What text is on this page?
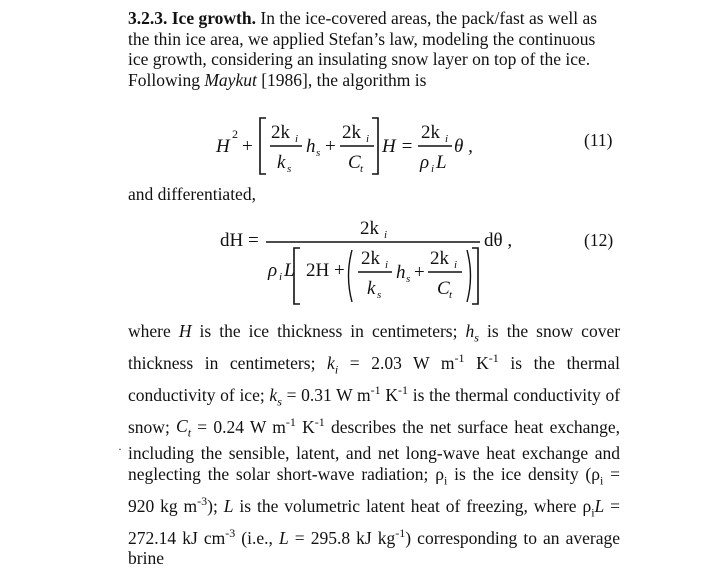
3.2.3. Ice growth. In the ice-covered areas, the pack/fast as well as the thin ice area, we applied Stefan’s law, modeling the continuous ice growth, considering an insulating snow layer on top of the ice. Following Maykut [1986], the algorithm is
H
2
+
2k i
k s
h s +
2k i
C t
H =
2k i
ρ i L
θ ,	(11)
and differentiated,
dH =
2k i
ρ i L 2H +
2k i
k s
h s +
2k i
C t
dθ ,	(12)
·
where H is the ice thickness in centimeters; $h_s$ is the snow cover thickness in centimeters; $k_i = 2.03$ W $m^{-1}$ $K^{-1}$ is the thermal conductivity of ice; $k_s = 0.31$ W $m^{-1}$ $K^{-1}$ is the thermal conductivity of snow; $C_t = 0.24$ W $m^{-1}$ $K^{-1}$ describes the net surface heat exchange, including the sensible, latent, and net long-wave heat exchange and neglecting the solar short-wave radiation; $\rho_i$ is the ice density ($\rho_i = 920$ kg $m^{-3}$); L is the volumetric latent heat of freezing, where $\rho_iL = 272.14$ kJ $cm^{-3}$ (i.e., L = 295.8 kJ $kg^{-1}$) corresponding to an average brine
